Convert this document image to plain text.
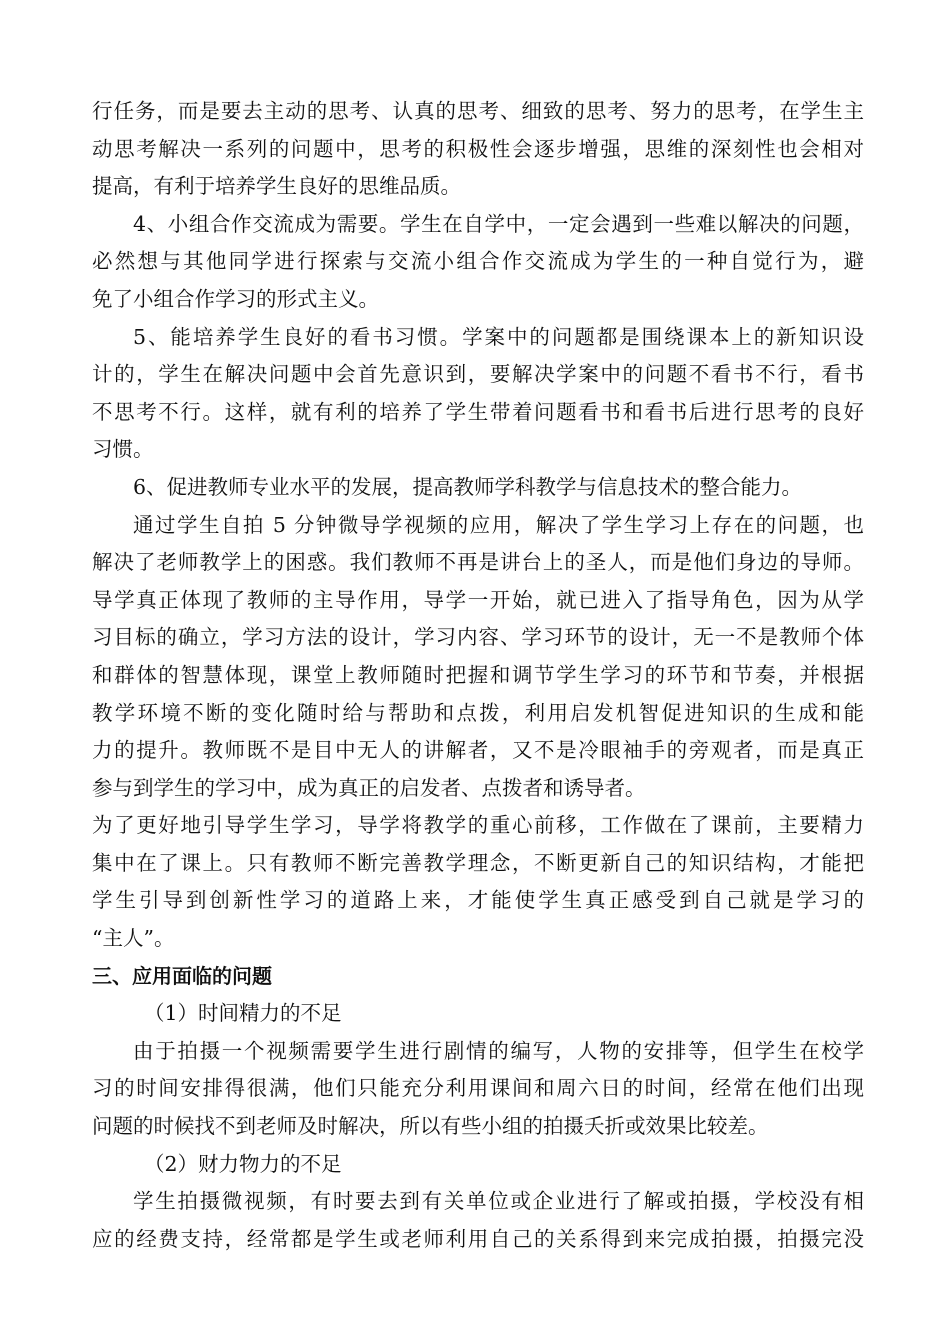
行任务，而是要去主动的思考、认真的思考、细致的思考、努力的思考，在学生主
动思考解决一系列的问题中，思考的积极性会逐步增强，思维的深刻性也会相对
提高，有利于培养学生良好的思维品质。
4、小组合作交流成为需要。学生在自学中，一定会遇到一些难以解决的问题，
必然想与其他同学进行探索与交流小组合作交流成为学生的一种自觉行为，避
免了小组合作学习的形式主义。
5、能培养学生良好的看书习惯。学案中的问题都是围绕课本上的新知识设
计的，学生在解决问题中会首先意识到，要解决学案中的问题不看书不行，看书
不思考不行。这样，就有利的培养了学生带着问题看书和看书后进行思考的良好
习惯。
6、促进教师专业水平的发展，提高教师学科教学与信息技术的整合能力。
通过学生自拍 5 分钟微导学视频的应用，解决了学生学习上存在的问题，也
解决了老师教学上的困惑。我们教师不再是讲台上的圣人，而是他们身边的导师。
导学真正体现了教师的主导作用，导学一开始，就已进入了指导角色，因为从学
习目标的确立，学习方法的设计，学习内容、学习环节的设计，无一不是教师个体
和群体的智慧体现，课堂上教师随时把握和调节学生学习的环节和节奏，并根据
教学环境不断的变化随时给与帮助和点拨，利用启发机智促进知识的生成和能
力的提升。教师既不是目中无人的讲解者，又不是冷眼袖手的旁观者，而是真正
参与到学生的学习中，成为真正的启发者、点拨者和诱导者。
为了更好地引导学生学习，导学将教学的重心前移，工作做在了课前，主要精力
集中在了课上。只有教师不断完善教学理念，不断更新自己的知识结构，才能把
学生引导到创新性学习的道路上来，才能使学生真正感受到自己就是学习的
“主人”。
三、应用面临的问题
（1）时间精力的不足
由于拍摄一个视频需要学生进行剧情的编写，人物的安排等，但学生在校学
习的时间安排得很满，他们只能充分利用课间和周六日的时间，经常在他们出现
问题的时候找不到老师及时解决，所以有些小组的拍摄夭折或效果比较差。
（2）财力物力的不足
学生拍摄微视频，有时要去到有关单位或企业进行了解或拍摄，学校没有相
应的经费支持，经常都是学生或老师利用自己的关系得到来完成拍摄，拍摄完没
